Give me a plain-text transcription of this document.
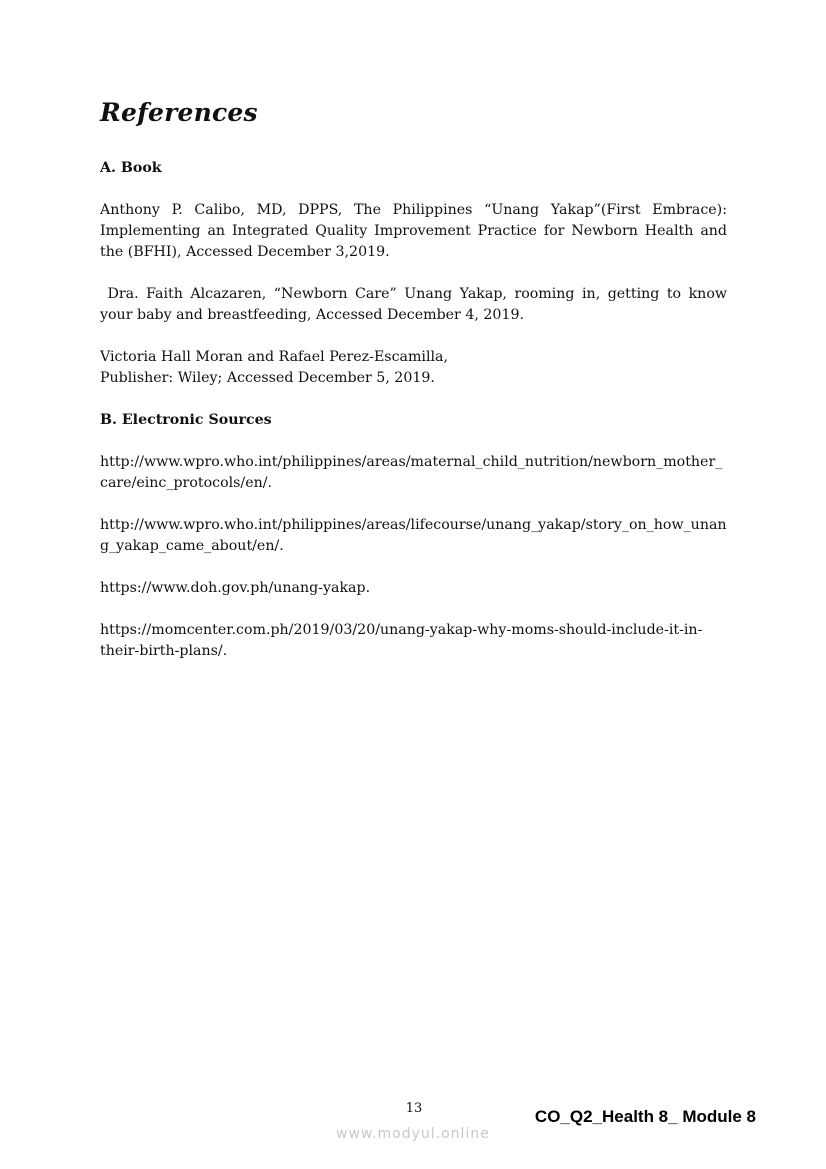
References
A. Book

Anthony P. Calibo, MD, DPPS, The Philippines “Unang Yakap”(First Embrace): Implementing an Integrated Quality Improvement Practice for Newborn Health and the (BFHI), Accessed December 3,2019.

Dra. Faith Alcazaren, “Newborn Care” Unang Yakap, rooming in, getting to know your baby and breastfeeding, Accessed December 4, 2019.

Victoria Hall Moran and Rafael Perez-Escamilla,
Publisher: Wiley; Accessed December 5, 2019.

B. Electronic Sources

http://www.wpro.who.int/philippines/areas/maternal_child_nutrition/newborn_mother_care/einc_protocols/en/.

http://www.wpro.who.int/philippines/areas/lifecourse/unang_yakap/story_on_how_unang_yakap_came_about/en/.

https://www.doh.gov.ph/unang-yakap.

https://momcenter.com.ph/2019/03/20/unang-yakap-why-moms-should-include-it-in-their-birth-plans/.

13	CO_Q2_Health 8_ Module 8
www.modyul.online
